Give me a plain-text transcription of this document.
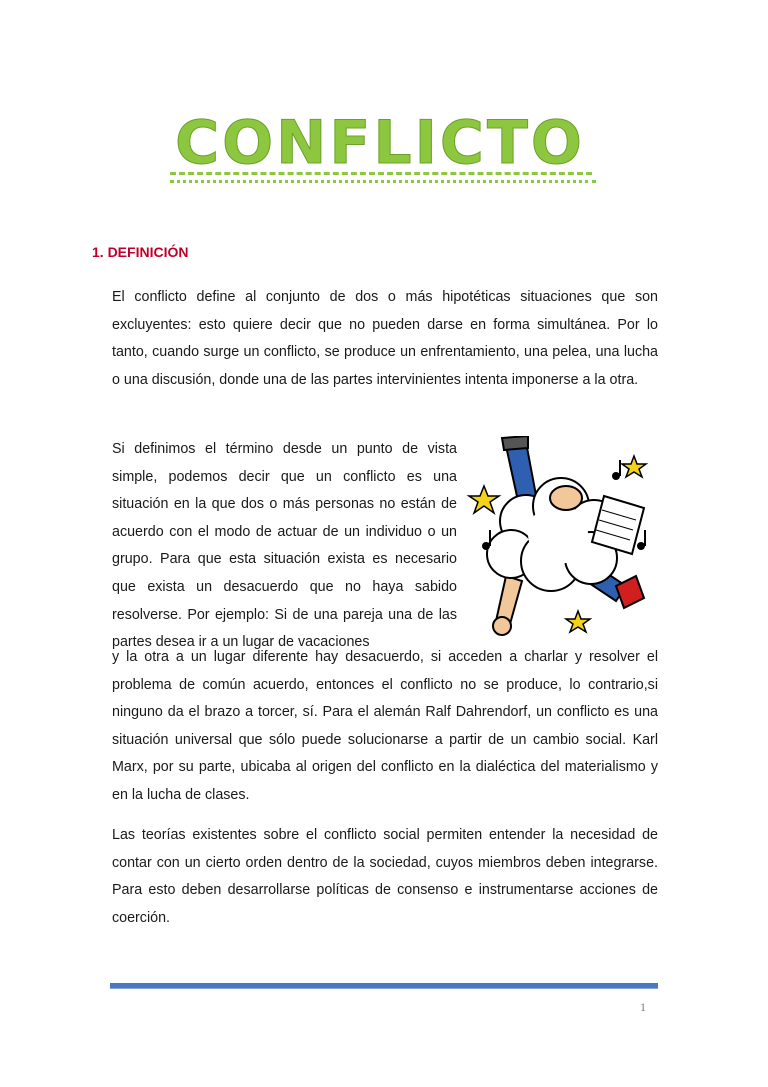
CONFLICTO
1. DEFINICIÓN

El conflicto define al conjunto de dos o más hipotéticas situaciones que son excluyentes: esto quiere decir que no pueden darse en forma simultánea. Por lo tanto, cuando surge un conflicto, se produce un enfrentamiento, una pelea, una lucha o una discusión, donde una de las partes intervinientes intenta imponerse a la otra.

Si definimos el término desde un punto de vista simple, podemos decir que un conflicto es una situación en la que dos o más personas no están de acuerdo con el modo de actuar de un individuo o un grupo. Para que esta situación exista es necesario que exista un desacuerdo que no haya sabido resolverse. Por ejemplo: Si de una pareja una de las partes desea ir a un lugar de vacaciones

y la otra a un lugar diferente hay desacuerdo, si acceden a charlar y resolver el problema de común acuerdo, entonces el conflicto no se produce, lo contrario,si ninguno da el brazo a torcer, sí. Para el alemán Ralf Dahrendorf, un conflicto es una situación universal que sólo puede solucionarse a partir de un cambio social. Karl Marx, por su parte, ubicaba al origen del conflicto en la dialéctica del materialismo y en la lucha de clases.

Las teorías existentes sobre el conflicto social permiten entender la necesidad de contar con un cierto orden dentro de la sociedad, cuyos miembros deben integrarse. Para esto deben desarrollarse políticas de consenso e instrumentarse acciones de coerción.

1
